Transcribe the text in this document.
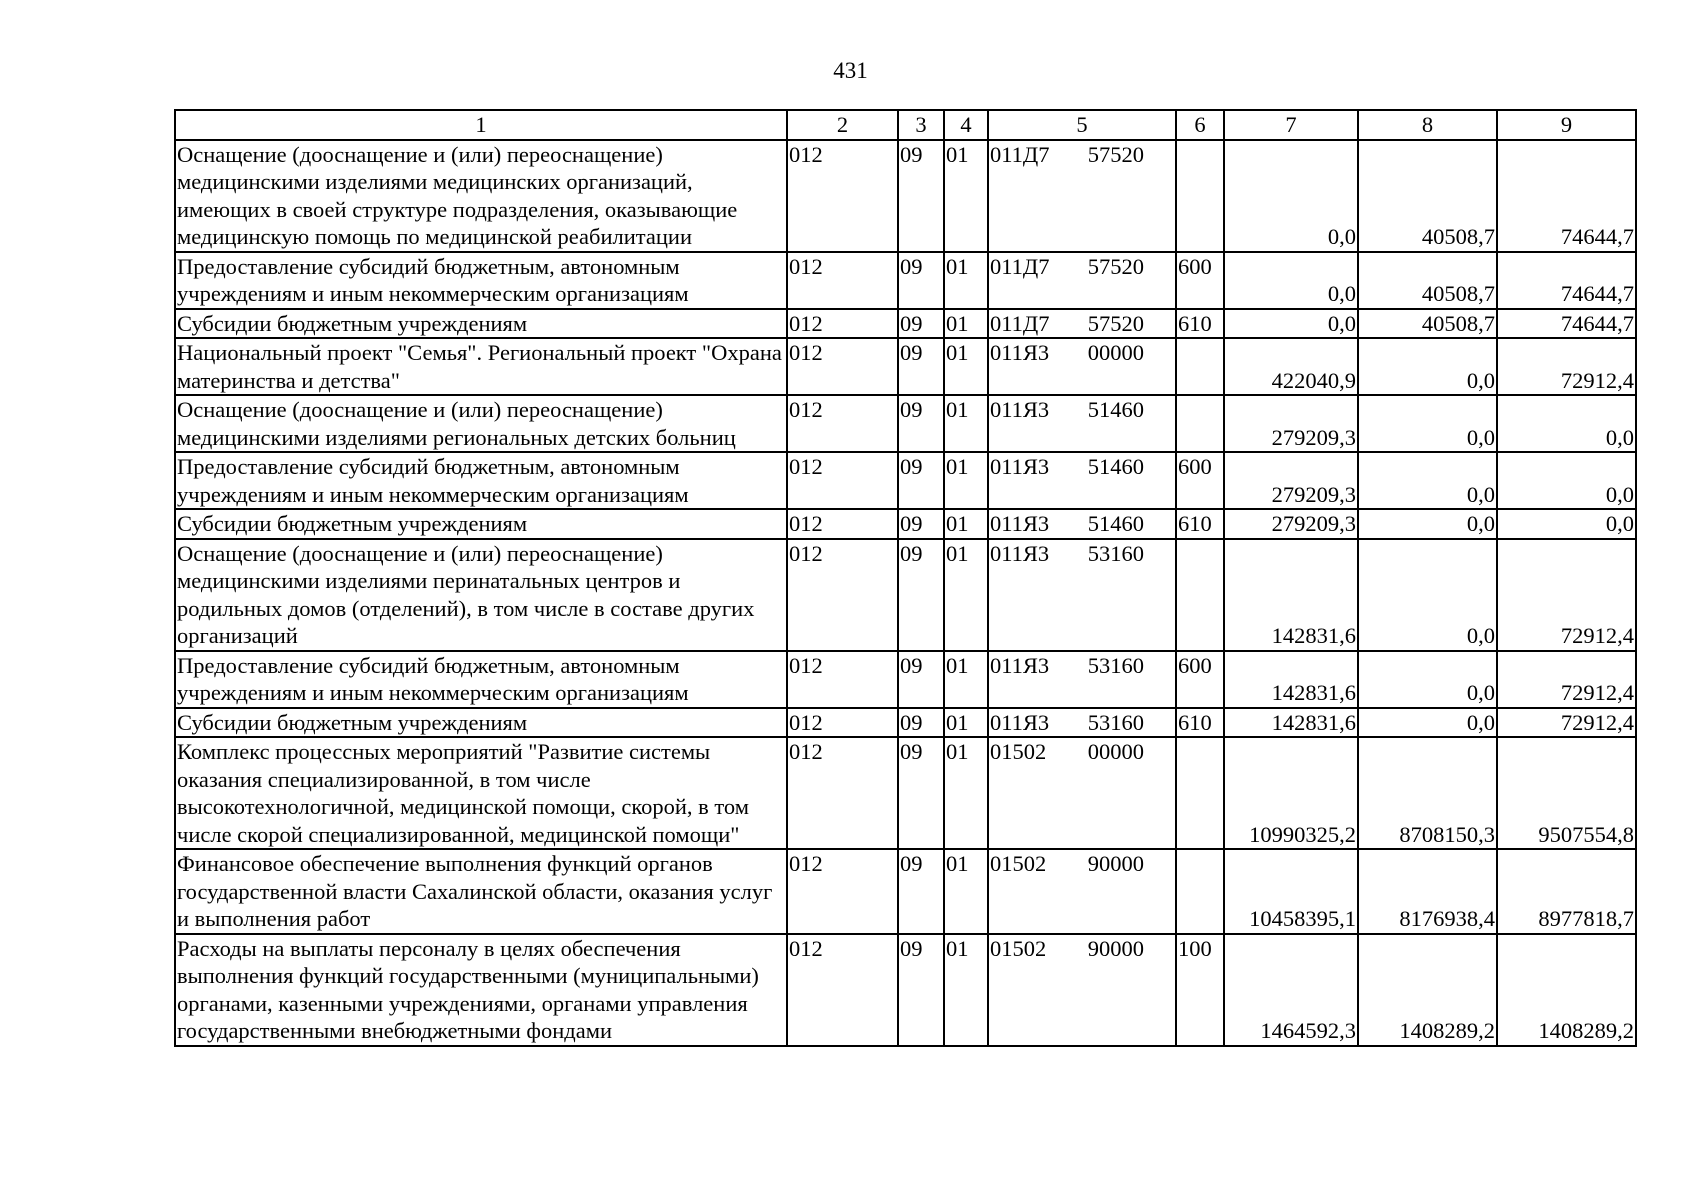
431
1	2	3	4	5	6	7	8	9
Оснащение (дооснащение и (или) переоснащение) медицинскими изделиями медицинских организаций, имеющих в своей структуре подразделения, оказывающие медицинскую помощь по медицинской реабилитации	012	09	01	011Д7 57520		0,0	40508,7	74644,7
Предоставление субсидий бюджетным, автономным учреждениям и иным некоммерческим организациям	012	09	01	011Д7 57520	600	0,0	40508,7	74644,7
Субсидии бюджетным учреждениям	012	09	01	011Д7 57520	610	0,0	40508,7	74644,7
Национальный проект "Семья". Региональный проект "Охрана материнства и детства"	012	09	01	011Я3 00000		422040,9	0,0	72912,4
Оснащение (дооснащение и (или) переоснащение) медицинскими изделиями региональных детских больниц	012	09	01	011Я3 51460		279209,3	0,0	0,0
Предоставление субсидий бюджетным, автономным учреждениям и иным некоммерческим организациям	012	09	01	011Я3 51460	600	279209,3	0,0	0,0
Субсидии бюджетным учреждениям	012	09	01	011Я3 51460	610	279209,3	0,0	0,0
Оснащение (дооснащение и (или) переоснащение) медицинскими изделиями перинатальных центров и родильных домов (отделений), в том числе в составе других организаций	012	09	01	011Я3 53160		142831,6	0,0	72912,4
Предоставление субсидий бюджетным, автономным учреждениям и иным некоммерческим организациям	012	09	01	011Я3 53160	600	142831,6	0,0	72912,4
Субсидии бюджетным учреждениям	012	09	01	011Я3 53160	610	142831,6	0,0	72912,4
Комплекс процессных мероприятий "Развитие системы оказания специализированной, в том числе высокотехнологичной, медицинской помощи, скорой, в том числе скорой специализированной, медицинской помощи"	012	09	01	01502 00000		10990325,2	8708150,3	9507554,8
Финансовое обеспечение выполнения функций органов государственной власти Сахалинской области, оказания услуг и выполнения работ	012	09	01	01502 90000		10458395,1	8176938,4	8977818,7
Расходы на выплаты персоналу в целях обеспечения выполнения функций государственными (муниципальными) органами, казенными учреждениями, органами управления государственными внебюджетными фондами	012	09	01	01502 90000	100	1464592,3	1408289,2	1408289,2
